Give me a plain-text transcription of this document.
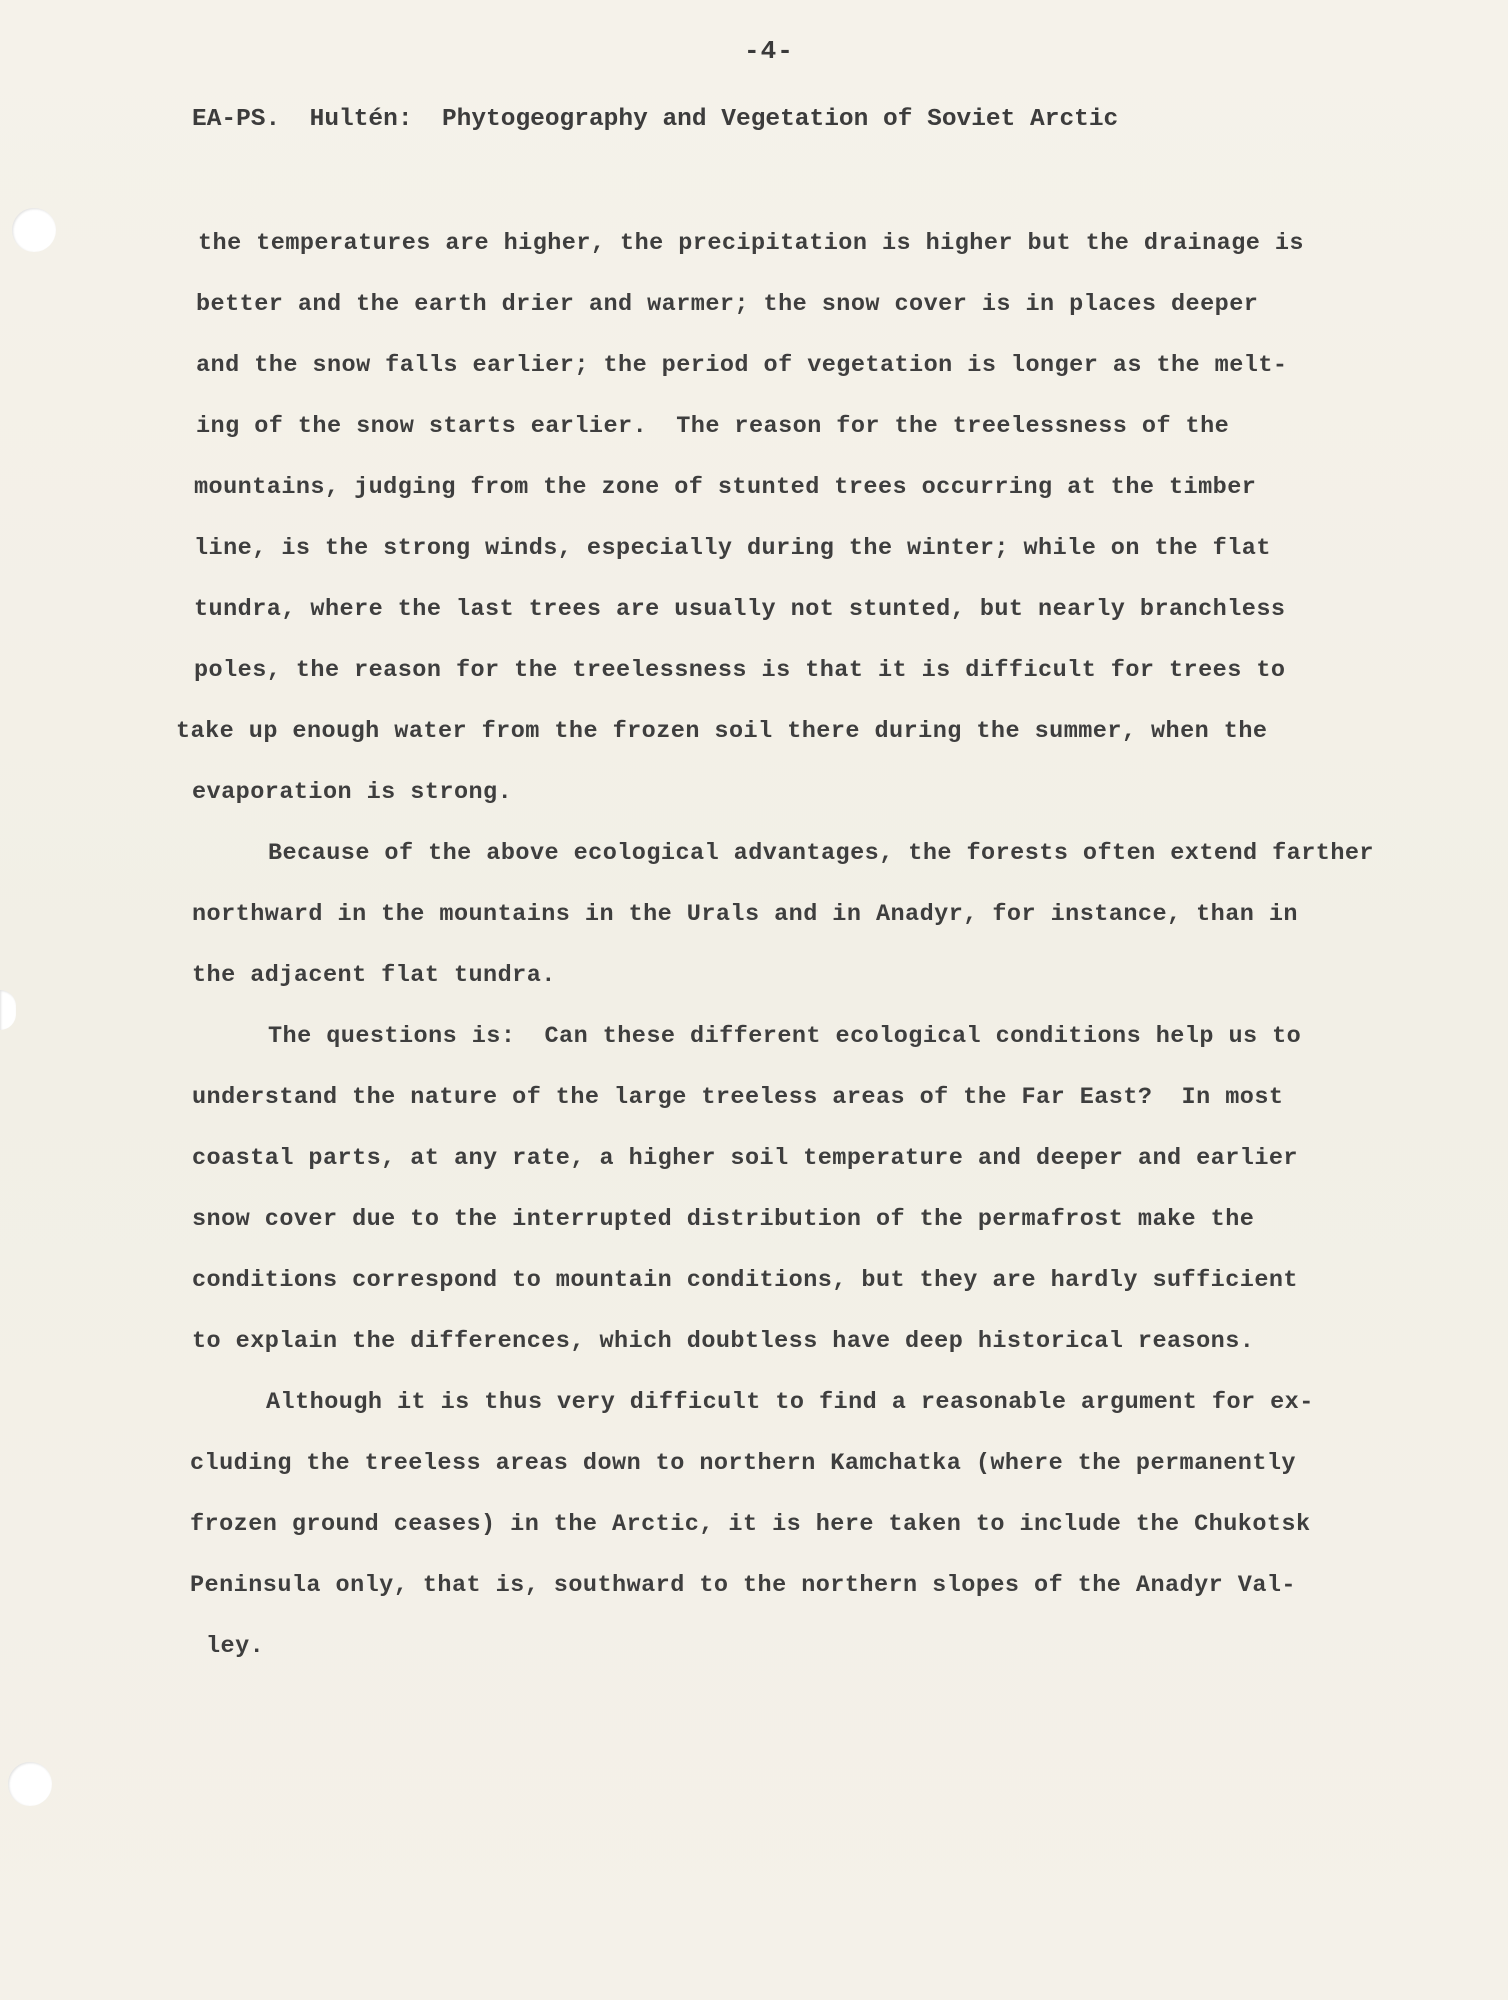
-4-
EA-PS.  Hultén:  Phytogeography and Vegetation of Soviet Arctic
the temperatures are higher, the precipitation is higher but the drainage is
better and the earth drier and warmer; the snow cover is in places deeper
and the snow falls earlier; the period of vegetation is longer as the melt-
ing of the snow starts earlier.  The reason for the treelessness of the
mountains, judging from the zone of stunted trees occurring at the timber
line, is the strong winds, especially during the winter; while on the flat
tundra, where the last trees are usually not stunted, but nearly branchless
poles, the reason for the treelessness is that it is difficult for trees to
take up enough water from the frozen soil there during the summer, when the
evaporation is strong.
Because of the above ecological advantages, the forests often extend farther
northward in the mountains in the Urals and in Anadyr, for instance, than in
the adjacent flat tundra.
The questions is:  Can these different ecological conditions help us to
understand the nature of the large treeless areas of the Far East?  In most
coastal parts, at any rate, a higher soil temperature and deeper and earlier
snow cover due to the interrupted distribution of the permafrost make the
conditions correspond to mountain conditions, but they are hardly sufficient
to explain the differences, which doubtless have deep historical reasons.
Although it is thus very difficult to find a reasonable argument for ex-
cluding the treeless areas down to northern Kamchatka (where the permanently
frozen ground ceases) in the Arctic, it is here taken to include the Chukotsk
Peninsula only, that is, southward to the northern slopes of the Anadyr Val-
ley.
